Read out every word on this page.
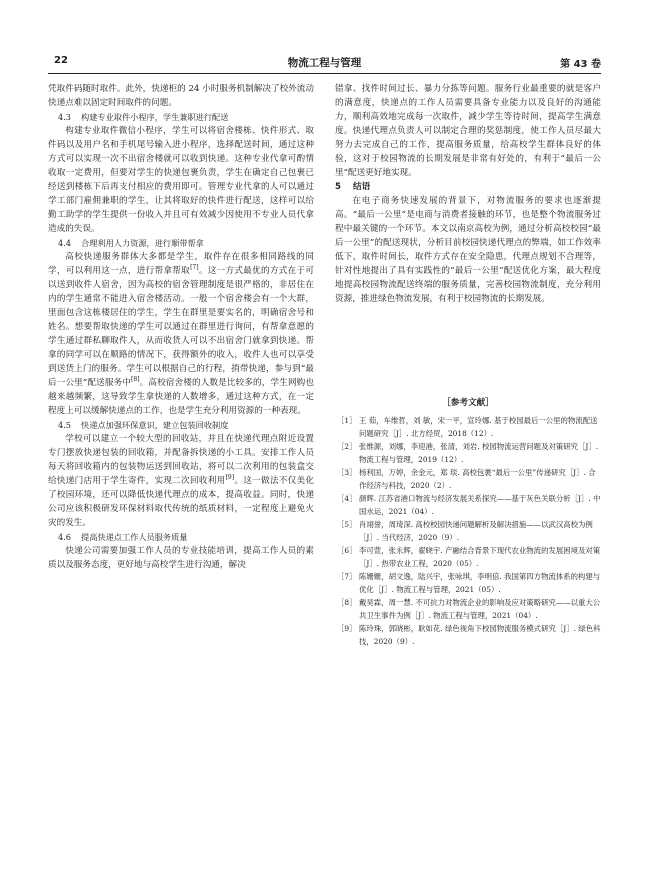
22	物流工程与管理	第 43 卷

凭取件码随时取件。此外，快递柜的 24 小时服务机制解决了校外流动快递点难以固定时间取件的问题。

4.3 构建专业取件小程序，学生兼职进行配送

构建专业取件微信小程序，学生可以将宿舍楼栋、快件形式、取件码以及用户名和手机尾号输入进小程序，选择配送时间，通过这种方式可以实现一次不出宿舍楼就可以收到快递。这种专业代拿可酌情收取一定费用，但要对学生的快递包裹负责，学生在确定自己包裹已经送到楼栋下后再支付相应的费用即可。管理专业代拿的人可以通过学工部门雇佣兼职的学生，让其将取好的快件进行配送，这样可以给勤工助学的学生提供一份收入并且可有效减少因使用不专业人员代拿造成的失误。

4.4 合理利用人力资源，进行顺带帮拿

高校快递服务群体大多都是学生，取件存在很多相同路线的同学，可以利用这一点，进行帮拿帮取[7]。这一方式最优的方式在于可以送到收件人宿舍，因为高校的宿舍管理制度是很严格的，非居住在内的学生通常不能进入宿舍楼活动。一般一个宿舍楼会有一个大群，里面包含这栋楼居住的学生，学生在群里是要实名的，明确宿舍号和姓名。想要帮取快递的学生可以通过在群里进行询问，有帮拿意愿的学生通过群私聊取件人，从而收货人可以不出宿舍门就拿到快递。帮拿的同学可以在顺路的情况下，获得额外的收入，收件人也可以享受到送货上门的服务。学生可以根据自己的行程，捎带快递，参与到“最后一公里”配送服务中[8]。高校宿舍楼的人数是比较多的，学生网购也越来越频繁，这导致学生拿快递的人数增多，通过这种方式，在一定程度上可以缓解快递点的工作，也是学生充分利用资源的一种表现。

4.5 快递点加强环保意识，建立包装回收制度

学校可以建立一个较大型的回收站，并且在快递代理点附近设置专门摆放快递包装的回收箱，并配备拆快递的小工具。安排工作人员每天将回收箱内的包装物运送到回收站，将可以二次利用的包装盒交给快递门店用于学生寄件，实现二次回收利用[9]。这一做法不仅美化了校园环境，还可以降低快递代理点的成本，提高收益。同时，快递公司应该积极研发环保材料取代传统的纸质材料，一定程度上避免火灾的发生。

4.6 提高快递点工作人员服务质量

快递公司需要加强工作人员的专业技能培训，提高工作人员的素质以及服务态度，更好地与高校学生进行沟通，解决

错拿、找件时间过长、暴力分拣等问题。服务行业最重要的就是客户的满意度，快递点的工作人员需要具备专业能力以及良好的沟通能力，顺利高效地完成每一次取件，减少学生等待时间，提高学生满意度。快递代理点负责人可以制定合理的奖惩制度，使工作人员尽最大努力去完成自己的工作，提高服务质量，给高校学生群体良好的体验，这对于校园物流的长期发展是非常有好处的，有利于“最后一公里”配送更好地实现。

5 结语

在电子商务快速发展的背景下，对物流服务的要求也逐渐提高。“最后一公里”是电商与消费者接触的环节，也是整个物流服务过程中最关键的一个环节。本文以南京高校为例，通过分析高校校园“最后一公里”的配送现状，分析目前校园快递代理点的弊端，如工作效率低下，取件时间长，取件方式存在安全隐患，代理点规划不合理等，针对性地提出了具有实践性的“最后一公里”配送优化方案，最大程度地提高校园物流配送终端的服务质量，完善校园物流制度，充分利用资源，推进绿色物流发展，有利于校园物流的长期发展。

［参考文献］
［1］ 王 茹，车维哲，刘 敏，宋一平，宣玲娜. 基于校园最后一公里的物流配送问题研究［J］. 北方经贸，2018（12）.
［2］ 张维源，刘娜，李迎港，张清，刘岩. 校园物流运营问题及对策研究［J］. 物流工程与管理，2019（12）.
［3］ 杨利国，万婷，余金元，郑 琰. 高校包裹“最后一公里”传递研究［J］. 合作经济与科技，2020（2）.
［4］ 颜辉. 江苏省港口物流与经济发展关系探究——基于灰色关联分析［J］. 中国水运，2021（04）.
［5］ 肖翊誉，周琦深. 高校校园快递问题解析及解决措施——以武汉高校为例［J］. 当代经济，2020（9）.
［6］ 李可萱，张永辉，翟晓宇. 产融结合背景下现代农业物流的发展困境及对策［J］. 热带农业工程，2020（05）.
［7］ 陈姗姗，胡文逸，陆兴宇，张咏琪，李明倍. 我国第四方物流体系的构建与优化［J］. 物流工程与管理，2021（05）.
［8］ 戴昊霖，周一慧. 不可抗力对物流企业的影响及应对策略研究——以重大公共卫生事件为例［J］. 物流工程与管理，2021（04）.
［9］ 陈玲珠，郭晓彬，耿如花. 绿色视角下校园物流服务模式研究［J］. 绿色科技，2020（9）.
